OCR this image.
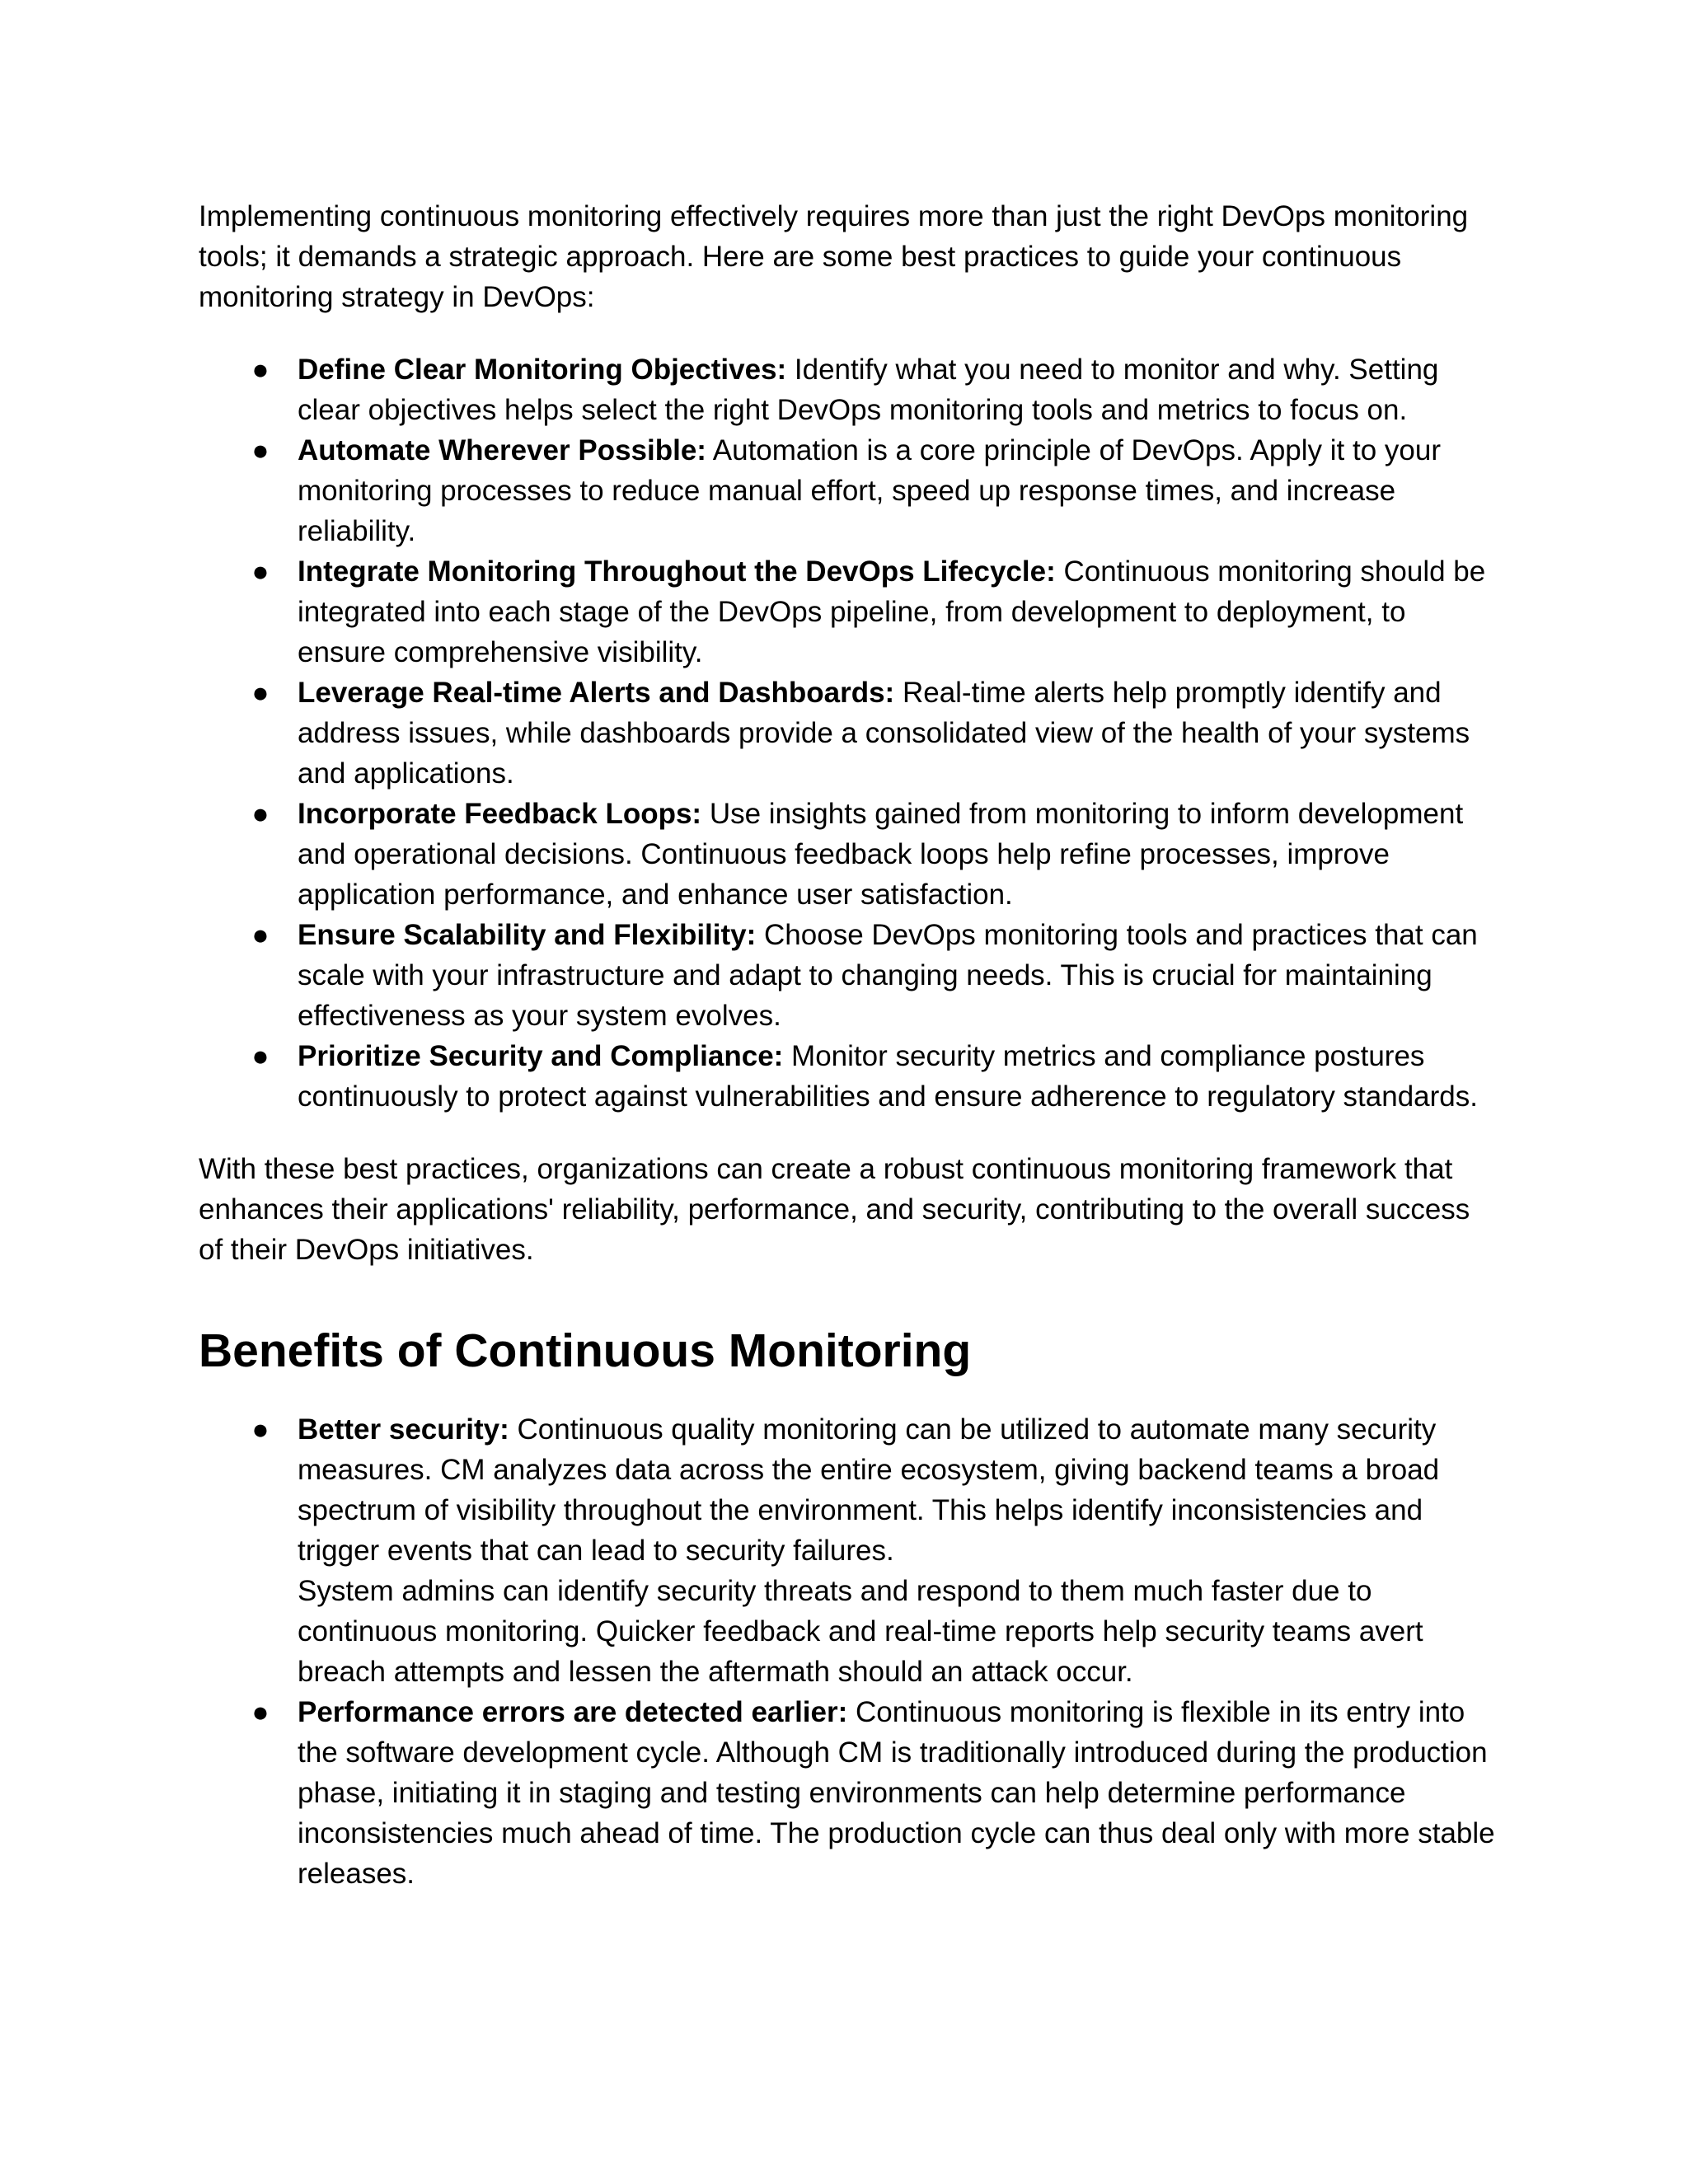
Implementing continuous monitoring effectively requires more than just the right DevOps monitoring tools; it demands a strategic approach. Here are some best practices to guide your continuous monitoring strategy in DevOps:

● Define Clear Monitoring Objectives: Identify what you need to monitor and why. Setting clear objectives helps select the right DevOps monitoring tools and metrics to focus on.
● Automate Wherever Possible: Automation is a core principle of DevOps. Apply it to your monitoring processes to reduce manual effort, speed up response times, and increase reliability.
● Integrate Monitoring Throughout the DevOps Lifecycle: Continuous monitoring should be integrated into each stage of the DevOps pipeline, from development to deployment, to ensure comprehensive visibility.
● Leverage Real-time Alerts and Dashboards: Real-time alerts help promptly identify and address issues, while dashboards provide a consolidated view of the health of your systems and applications.
● Incorporate Feedback Loops: Use insights gained from monitoring to inform development and operational decisions. Continuous feedback loops help refine processes, improve application performance, and enhance user satisfaction.
● Ensure Scalability and Flexibility: Choose DevOps monitoring tools and practices that can scale with your infrastructure and adapt to changing needs. This is crucial for maintaining effectiveness as your system evolves.
● Prioritize Security and Compliance: Monitor security metrics and compliance postures continuously to protect against vulnerabilities and ensure adherence to regulatory standards.

With these best practices, organizations can create a robust continuous monitoring framework that enhances their applications' reliability, performance, and security, contributing to the overall success of their DevOps initiatives.

Benefits of Continuous Monitoring
● Better security: Continuous quality monitoring can be utilized to automate many security measures. CM analyzes data across the entire ecosystem, giving backend teams a broad spectrum of visibility throughout the environment. This helps identify inconsistencies and trigger events that can lead to security failures.
System admins can identify security threats and respond to them much faster due to continuous monitoring. Quicker feedback and real-time reports help security teams avert breach attempts and lessen the aftermath should an attack occur.
● Performance errors are detected earlier: Continuous monitoring is flexible in its entry into the software development cycle. Although CM is traditionally introduced during the production phase, initiating it in staging and testing environments can help determine performance inconsistencies much ahead of time. The production cycle can thus deal only with more stable releases.
